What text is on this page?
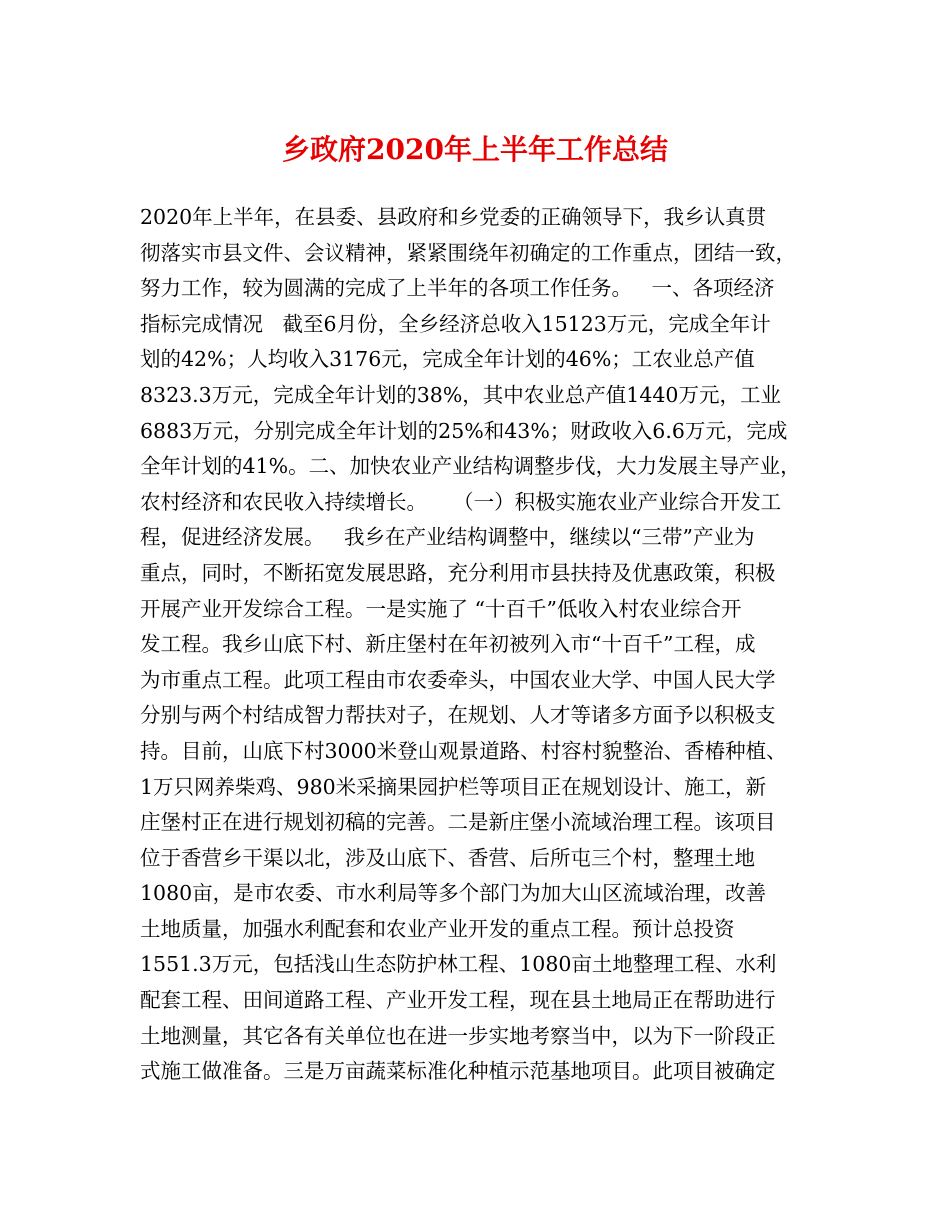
乡政府2020年上半年工作总结
2020年上半年，在县委、县政府和乡党委的正确领导下，我乡认真贯
彻落实市县文件、会议精神，紧紧围绕年初确定的工作重点，团结一致，
努力工作，较为圆满的完成了上半年的各项工作任务。   一、各项经济
指标完成情况   截至6月份，全乡经济总收入15123万元，完成全年计
划的42%；人均收入3176元，完成全年计划的46%；工农业总产值
8323.3万元，完成全年计划的38%，其中农业总产值1440万元，工业
6883万元，分别完成全年计划的25%和43%；财政收入6.6万元，完成
全年计划的41%。二、加快农业产业结构调整步伐，大力发展主导产业，
农村经济和农民收入持续增长。    （一）积极实施农业产业综合开发工
程，促进经济发展。   我乡在产业结构调整中，继续以“三带”产业为
重点，同时，不断拓宽发展思路，充分利用市县扶持及优惠政策，积极
开展产业开发综合工程。一是实施了 “十百千”低收入村农业综合开
发工程。我乡山底下村、新庄堡村在年初被列入市“十百千”工程，成
为市重点工程。此项工程由市农委牵头，中国农业大学、中国人民大学
分别与两个村结成智力帮扶对子，在规划、人才等诸多方面予以积极支
持。目前，山底下村3000米登山观景道路、村容村貌整治、香椿种植、
1万只网养柴鸡、980米采摘果园护栏等项目正在规划设计、施工，新
庄堡村正在进行规划初稿的完善。二是新庄堡小流域治理工程。该项目
位于香营乡干渠以北，涉及山底下、香营、后所屯三个村，整理土地
1080亩，是市农委、市水利局等多个部门为加大山区流域治理，改善
土地质量，加强水利配套和农业产业开发的重点工程。预计总投资
1551.3万元，包括浅山生态防护林工程、1080亩土地整理工程、水利
配套工程、田间道路工程、产业开发工程，现在县土地局正在帮助进行
土地测量，其它各有关单位也在进一步实地考察当中，以为下一阶段正
式施工做准备。三是万亩蔬菜标准化种植示范基地项目。此项目被确定
